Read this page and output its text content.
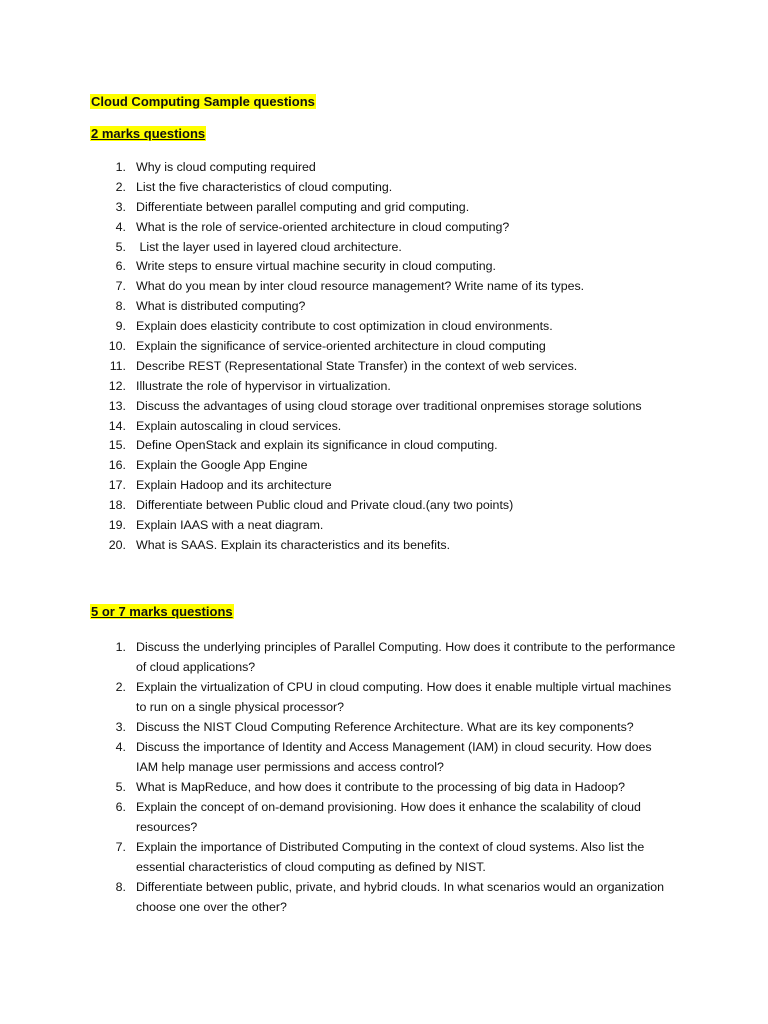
Cloud Computing Sample questions
2 marks questions
1. Why is cloud computing required
2. List the five characteristics of cloud computing.
3. Differentiate between parallel computing and grid computing.
4. What is the role of service-oriented architecture in cloud computing?
5. List the layer used in layered cloud architecture.
6. Write steps to ensure virtual machine security in cloud computing.
7. What do you mean by inter cloud resource management? Write name of its types.
8. What is distributed computing?
9. Explain does elasticity contribute to cost optimization in cloud environments.
10. Explain the significance of service-oriented architecture in cloud computing
11. Describe REST (Representational State Transfer) in the context of web services.
12. Illustrate the role of hypervisor in virtualization.
13. Discuss the advantages of using cloud storage over traditional onpremises storage solutions
14. Explain autoscaling in cloud services.
15. Define OpenStack and explain its significance in cloud computing.
16. Explain the Google App Engine
17. Explain Hadoop and its architecture
18. Differentiate between Public cloud and Private cloud.(any two points)
19. Explain IAAS with a neat diagram.
20. What is SAAS. Explain its characteristics and its benefits.
5 or 7 marks questions
1. Discuss the underlying principles of Parallel Computing. How does it contribute to the performance of cloud applications?
2. Explain the virtualization of CPU in cloud computing. How does it enable multiple virtual machines to run on a single physical processor?
3. Discuss the NIST Cloud Computing Reference Architecture. What are its key components?
4. Discuss the importance of Identity and Access Management (IAM) in cloud security. How does IAM help manage user permissions and access control?
5. What is MapReduce, and how does it contribute to the processing of big data in Hadoop?
6. Explain the concept of on-demand provisioning. How does it enhance the scalability of cloud resources?
7. Explain the importance of Distributed Computing in the context of cloud systems. Also list the essential characteristics of cloud computing as defined by NIST.
8. Differentiate between public, private, and hybrid clouds. In what scenarios would an organization choose one over the other?
